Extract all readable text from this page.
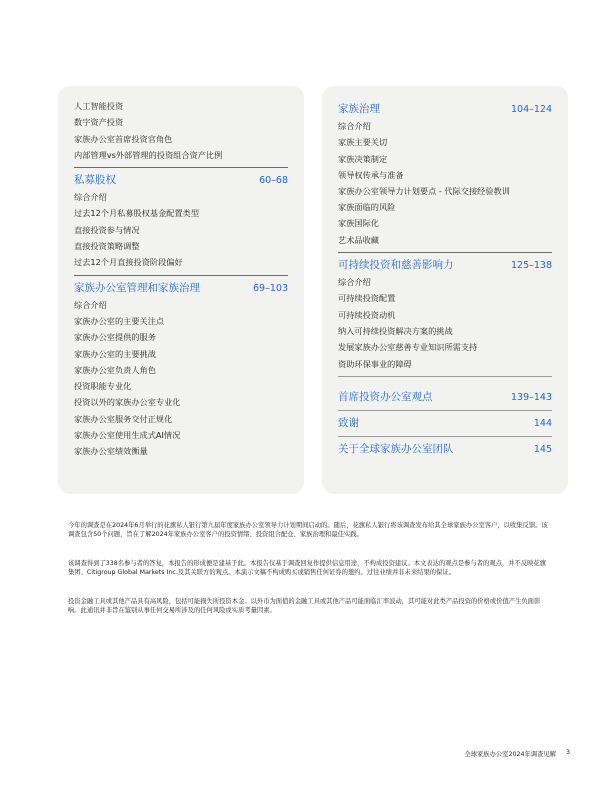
人工智能投资
数字资产投资
家族办公室首席投资官角色
内部管理vs外部管理的投资组合资产比例
私募股权	60–68
综合介绍
过去12个月私募股权基金配置类型
直接投资参与情况
直接投资策略调整
过去12个月直接投资阶段偏好
家族办公室管理和家族治理	69–103
综合介绍
家族办公室的主要关注点
家族办公室提供的服务
家族办公室的主要挑战
家族办公室负责人角色
投资职能专业化
投资以外的家族办公室专业化
家族办公室服务交付正规化
家族办公室使用生成式AI情况
家族办公室绩效衡量
家族治理	104–124
综合介绍
家族主要关切
家族决策制定
领导权传承与准备
家族办公室领导力计划要点 - 代际交接经验教训
家族面临的风险
家族国际化
艺术品收藏
可持续投资和慈善影响力	125–138
综合介绍
可持续投资配置
可持续投资动机
纳入可持续投资解决方案的挑战
发展家族办公室慈善专业知识所需支持
资助环保事业的障碍
首席投资办公室观点	139–143
致谢	144
关于全球家族办公室团队	145
今年的调查是在2024年6月举行的花旗私人银行第九届年度家族办公室领导力计划期间启动的。随后，花旗私人银行将该调查发布给其全球家族办公室客户，以收集反馈。该调查包含50个问题，旨在了解2024年家族办公室客户的投资情绪、投资组合配仓、家族治理和最佳实践。
该调查得到了338名参与者的答复，本报告的形成便是建基于此。本报告仅基于调查回复作提供信息用途，不构成投资建议。本文表达的观点是参与者的观点，并不反映花旗集团、Citigroup Global Markets Inc.及其关联方的观点。本演示文稿不构成购买或销售任何证券的邀约。过往业绩并非未来结果的保证。
投资金融工具或其他产品具有高风险，包括可能损失所投资本金。以外币为面值的金融工具或其他产品可能面临汇率波动，其可能对此类产品投资的价格或价值产生负面影响。此通讯并非旨在鉴别从事任何交易所涉及的任何风险或实质考量因素。
全球家族办公室2024年调查见解 3
